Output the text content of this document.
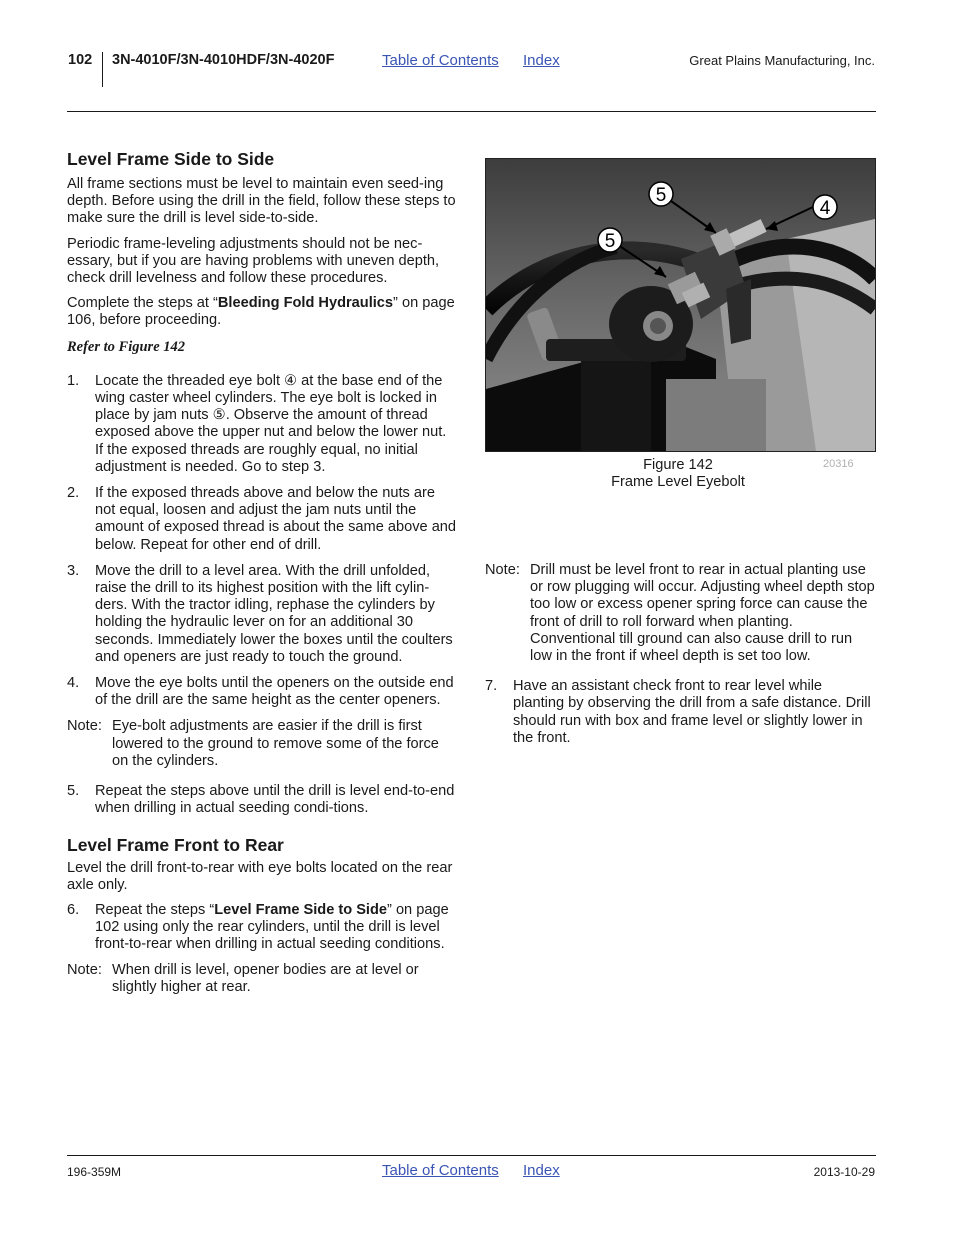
102 3N-4010F/3N-4010HDF/3N-4020F	Table of Contents Index	Great Plains Manufacturing, Inc.
Level Frame Side to Side

All frame sections must be level to maintain even seed-ing depth. Before using the drill in the field, follow these steps to make sure the drill is level side-to-side.

Periodic frame-leveling adjustments should not be nec-essary, but if you are having problems with uneven depth, check drill levelness and follow these procedures.

Complete the steps at “Bleeding Fold Hydraulics” on page 106, before proceeding.

Refer to Figure 142

1.	Locate the threaded eye bolt ④ at the base end of the wing caster wheel cylinders. The eye bolt is locked in place by jam nuts ⑤. Observe the amount of thread exposed above the upper nut and below the lower nut. If the exposed threads are roughly equal, no initial adjustment is needed. Go to step 3.
2.	If the exposed threads above and below the nuts are not equal, loosen and adjust the jam nuts until the amount of exposed thread is about the same above and below. Repeat for other end of drill.
3.	Move the drill to a level area. With the drill unfolded, raise the drill to its highest position with the lift cylin-ders. With the tractor idling, rephase the cylinders by holding the hydraulic lever on for an additional 30 seconds. Immediately lower the boxes until the coulters and openers are just ready to touch the ground.
4.	Move the eye bolts until the openers on the outside end of the drill are the same height as the center openers.
Note: Eye-bolt adjustments are easier if the drill is first lowered to the ground to remove some of the force on the cylinders.
5.	Repeat the steps above until the drill is level end-to-end when drilling in actual seeding condi-tions.
Level Frame Front to Rear

Level the drill front-to-rear with eye bolts located on the rear axle only.

6.	Repeat the steps “Level Frame Side to Side” on page 102 using only the rear cylinders, until the drill is level front-to-rear when drilling in actual seeding conditions.
Note: When drill is level, opener bodies are at level or slightly higher at rear.
5
4
5
Figure 142
Frame Level Eyebolt
20316
Note: Drill must be level front to rear in actual planting use or row plugging will occur. Adjusting wheel depth stop too low or excess opener spring force can cause the front of drill to roll forward when planting. Conventional till ground can also cause drill to run low in the front if wheel depth is set too low.
7.	Have an assistant check front to rear level while planting by observing the drill from a safe distance. Drill should run with box and frame level or slightly lower in the front.
196-359M	Table of Contents Index	2013-10-29
